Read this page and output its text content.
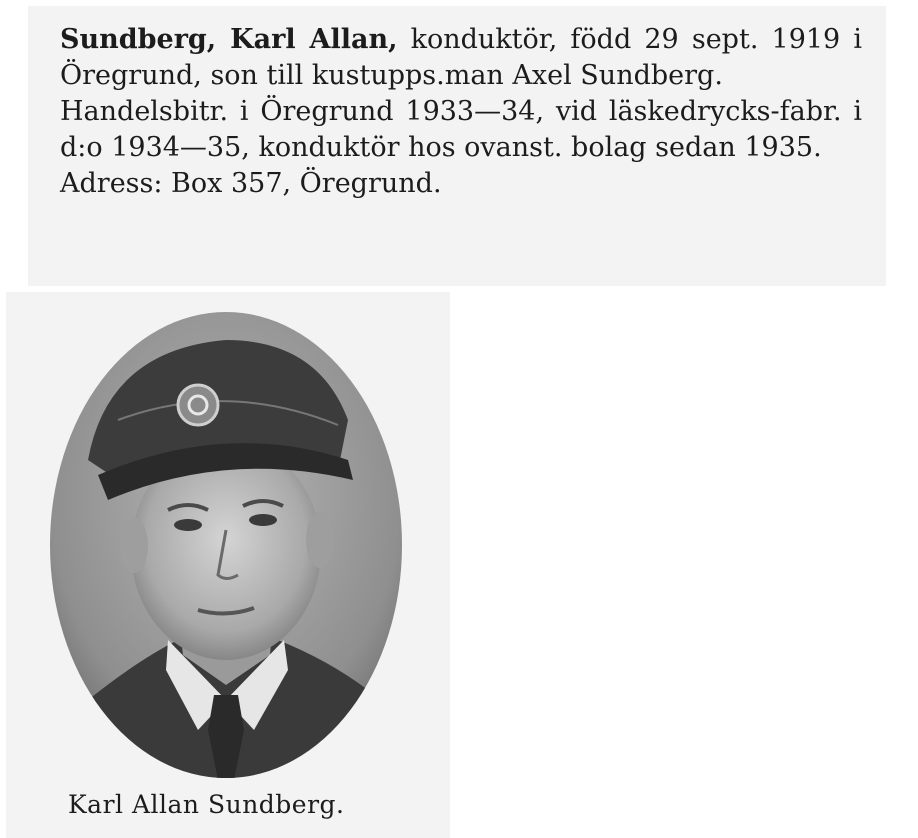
Sundberg, Karl Allan, konduktör, född 29 sept. 1919 i Öregrund, son till kustupps.man Axel Sundberg.

Handelsbitr. i Öregrund 1933—34, vid läskedrycks-fabr. i d:o 1934—35, konduktör hos ovanst. bolag sedan 1935.

Adress: Box 357, Öregrund.

Karl Allan Sundberg.
